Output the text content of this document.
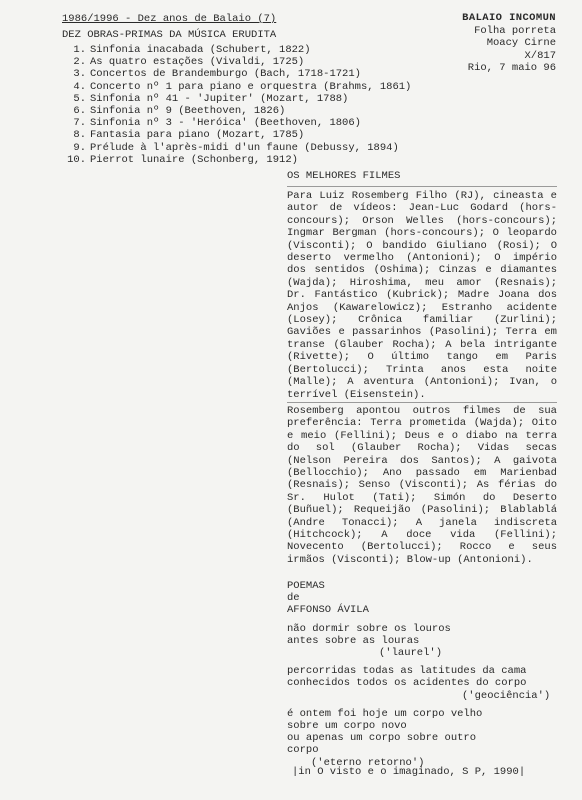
1986/1996 - Dez anos de Balaio (7)
DEZ OBRAS-PRIMAS DA MÚSICA ERUDITA
BALAIO INCOMUN
Folha porreta
Moacy Cirne
X/817
Rio, 7 maio 96
1. Sinfonia inacabada (Schubert, 1822)
2. As quatro estações (Vivaldi, 1725)
3. Concertos de Brandemburgo (Bach, 1718-1721)
4. Concerto nº 1 para piano e orquestra (Brahms, 1861)
5. Sinfonia nº 41 - 'Jupiter' (Mozart, 1788)
6. Sinfonia nº 9 (Beethoven, 1826)
7. Sinfonia nº 3 - 'Heróica' (Beethoven, 1806)
8. Fantasia para piano (Mozart, 1785)
9. Prélude à l'après-midi d'un faune (Debussy, 1894)
10. Pierrot lunaire (Schonberg, 1912)
OS MELHORES FILMES
Para Luiz Rosemberg Filho (RJ), cineasta e autor de vídeos: Jean-Luc Godard (hors-concours); Orson Welles (hors-concours); Ingmar Bergman (hors-concours); O leopardo (Visconti); O bandido Giuliano (Rosi); O deserto vermelho (Antonioni); O império dos sentidos (Oshima); Cinzas e diamantes (Wajda); Hiroshima, meu amor (Resnais); Dr. Fantástico (Kubrick); Madre Joana dos Anjos (Kawarelowicz); Estranho acidente (Losey); Crônica familiar (Zurlini); Gaviões e passarinhos (Pasolini); Terra em transe (Glauber Rocha); A bela intrigante (Rivette); O último tango em Paris (Bertolucci); Trinta anos esta noite (Malle); A aventura (Antonioni); Ivan, o terrível (Eisenstein).
Rosemberg apontou outros filmes de sua preferência: Terra prometida (Wajda); Oito e meio (Fellini); Deus e o diabo na terra do sol (Glauber Rocha); Vidas secas (Nelson Pereira dos Santos); A gaivota (Bellocchio); Ano passado em Marienbad (Resnais); Senso (Visconti); As férias do Sr. Hulot (Tati); Simón do Deserto (Buñuel); Requeijão (Pasolini); Blablablá (Andre Tonacci); A janela indiscreta (Hitchcock); A doce vida (Fellini); Novecento (Bertolucci); Rocco e seus irmãos (Visconti); Blow-up (Antonioni).
POEMAS
de
AFFONSO ÁVILA
não dormir sobre os louros
antes sobre as louras
('laurel')
percorridas todas as latitudes da cama
conhecidos todos os acidentes do corpo
('geociência')
é ontem foi hoje um corpo velho
sobre um corpo novo
ou apenas um corpo sobre outro
corpo
('eterno retorno')
|in O visto e o imaginado, S P, 1990|
